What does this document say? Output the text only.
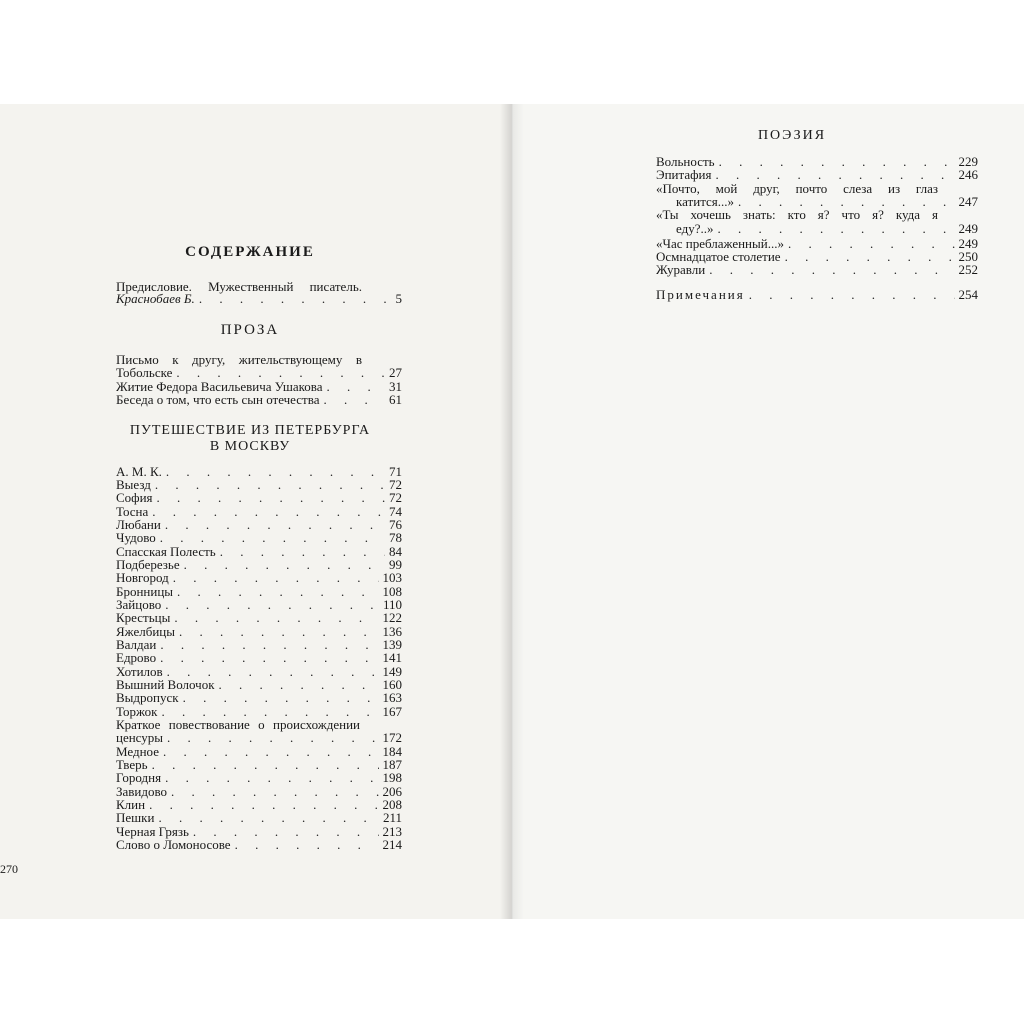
СОДЕРЖАНИЕ
Предисловие. Мужественный писатель.
Краснобаев Б. . . .	5
ПРОЗА
Письмо к другу, жительствующему в
Тобольске . . .	27
Житие Федора Васильевича Ушакова . . .	31
Беседа о том, что есть сын отечества . . .	61
ПУТЕШЕСТВИЕ ИЗ ПЕТЕРБУРГА
В МОСКВУ
А. М. К. . . .	71
Выезд . . .	72
София . . .	72
Тосна . . .	74
Любани . . .	76
Чудово . . .	78
Спасская Полесть . . .	84
Подберезье . . .	99
Новгород . . .	103
Бронницы . . .	108
Зайцово . . .	110
Крестьцы . . .	122
Яжелбицы . . .	136
Валдаи . . .	139
Едрово . . .	141
Хотилов . . .	149
Вышний Волочок . . .	160
Выдропуск . . .	163
Торжок . . .	167
Краткое повествование о происхождении
ценсуры . . .	172
Медное . . .	184
Тверь . . .	187
Городня . . .	198
Завидово . . .	206
Клин . . .	208
Пешки . . .	211
Черная Грязь . . .	213
Слово о Ломоносове . . .	214
270
ПОЭЗИЯ
Вольность . . .	229
Эпитафия . . .	246
«Почто, мой друг, почто слеза из глаз
катится...» . . .	247
«Ты хочешь знать: кто я? что я? куда я
еду?..» . . .	249
«Час преблаженный...» . . .	249
Осмнадцатое столетие . . .	250
Журавли . . .	252
Примечания . . .	254
